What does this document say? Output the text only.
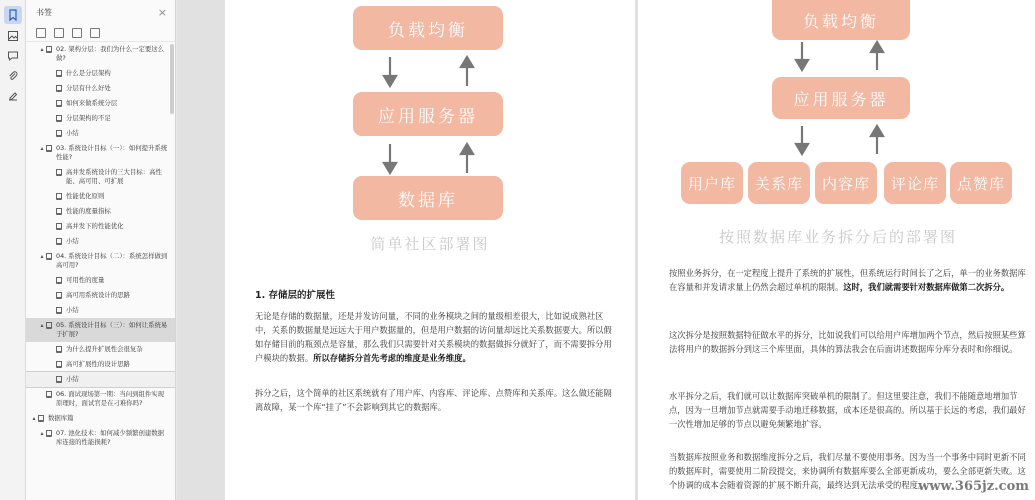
书签	×
▴	02. 架构分层：我们为什么一定要这么做?
什么是分层架构
分层有什么好处
如何来做系统分层
分层架构的不足
小结
▴	03. 系统设计目标（一）：如何提升系统性能?
高并发系统设计的三大目标：高性能、高可用、可扩展
性能优化原则
性能的度量指标
高并发下的性能优化
小结
▴	04. 系统设计目标（二）：系统怎样做到高可用?
可用性的度量
高可用系统设计的思路
小结
▴	05. 系统设计目标（三）：如何让系统易于扩展?
为什么提升扩展性会很复杂
高可扩展性的设计思路
小结
06. 面试现场第一期：当问到组件实现原理时，面试官是在刁难你吗?
▴	数据库篇
▴	07. 池化技术：如何减少频繁创建数据库连接的性能损耗?
负载均衡
应用服务器
数据库
简单社区部署图
1. 存储层的扩展性
无论是存储的数据量，还是并发访问量，不同的业务模块之间的量级相差很大，比如说成熟社区中，关系的数据量是远远大于用户数据量的，但是用户数据的访问量却远比关系数据要大。所以假如存储目前的瓶颈点是容量，那么我们只需要针对关系模块的数据做拆分就好了，而不需要拆分用户模块的数据。所以存储拆分首先考虑的维度是业务维度。
拆分之后，这个简单的社区系统就有了用户库、内容库、评论库、点赞库和关系库。这么做还能隔离故障，某一个库“挂了”不会影响到其它的数据库。
负载均衡
应用服务器
用户库	关系库	内容库	评论库	点赞库
按照数据库业务拆分后的部署图
按照业务拆分，在一定程度上提升了系统的扩展性，但系统运行时间长了之后，单一的业务数据库在容量和并发请求量上仍然会超过单机的限制。这时，我们就需要针对数据库做第二次拆分。
这次拆分是按照数据特征做水平的拆分，比如说我们可以给用户库增加两个节点，然后按照某些算法将用户的数据拆分到这三个库里面，具体的算法我会在后面讲述数据库分库分表时和你细说。
水平拆分之后，我们就可以让数据库突破单机的限制了。但这里要注意，我们不能随意地增加节点，因为一旦增加节点就需要手动地迁移数据，成本还是很高的。所以基于长远的考虑，我们最好一次性增加足够的节点以避免频繁地扩容。
当数据库按照业务和数据维度拆分之后，我们尽量不要使用事务。因为当一个事务中同时更新不同的数据库时，需要使用二阶段提交，来协调所有数据库要么全部更新成功，要么全部更新失败。这个协调的成本会随着资源的扩展不断升高，最终达到无法承受的程度。
www.365jz.com
